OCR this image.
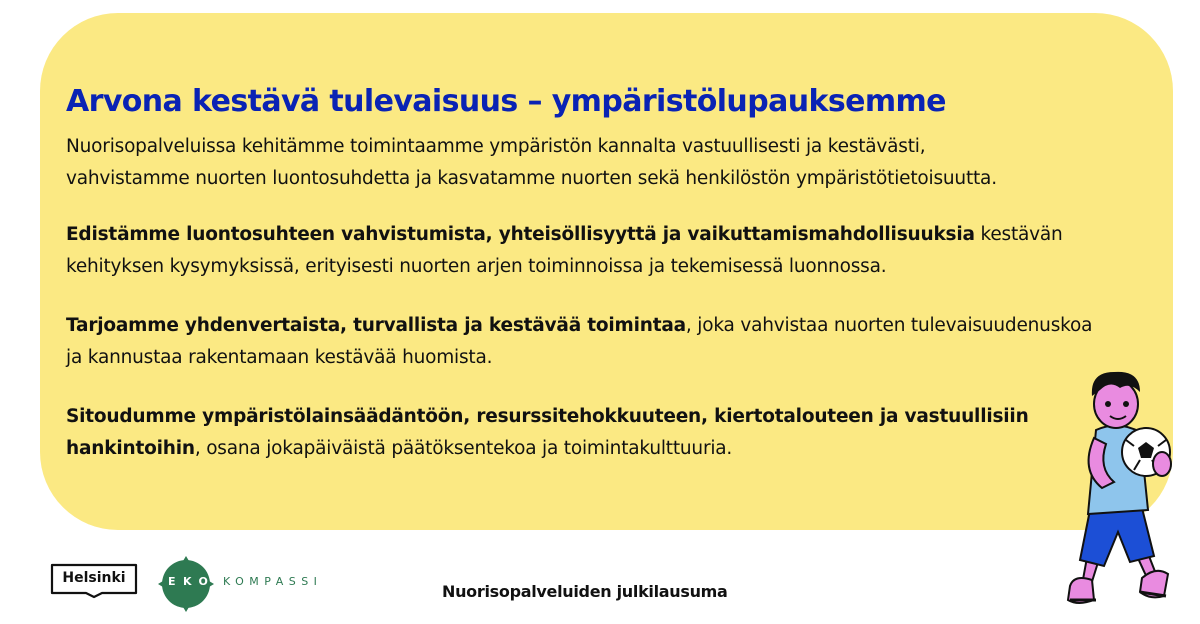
Arvona kestävä tulevaisuus – ympäristölupauksemme

Nuorisopalveluissa kehitämme toimintaamme ympäristön kannalta vastuullisesti ja kestävästi,
vahvistamme nuorten luontosuhdetta ja kasvatamme nuorten sekä henkilöstön ympäristötietoisuutta.

Edistämme luontosuhteen vahvistumista, yhteisöllisyyttä ja vaikuttamismahdollisuuksia kestävän
kehityksen kysymyksissä, erityisesti nuorten arjen toiminnoissa ja tekemisessä luonnossa.

Tarjoamme yhdenvertaista, turvallista ja kestävää toimintaa, joka vahvistaa nuorten tulevaisuudenuskoa
ja kannustaa rakentamaan kestävää huomista.

Sitoudumme ympäristölainsäädäntöön, resurssitehokkuuteen, kiertotalouteen ja vastuullisiin
hankintoihin, osana jokapäiväistä päätöksentekoa ja toimintakulttuuria.

Helsinki	EKO KOMPASSI

Nuorisopalveluiden julkilausuma
